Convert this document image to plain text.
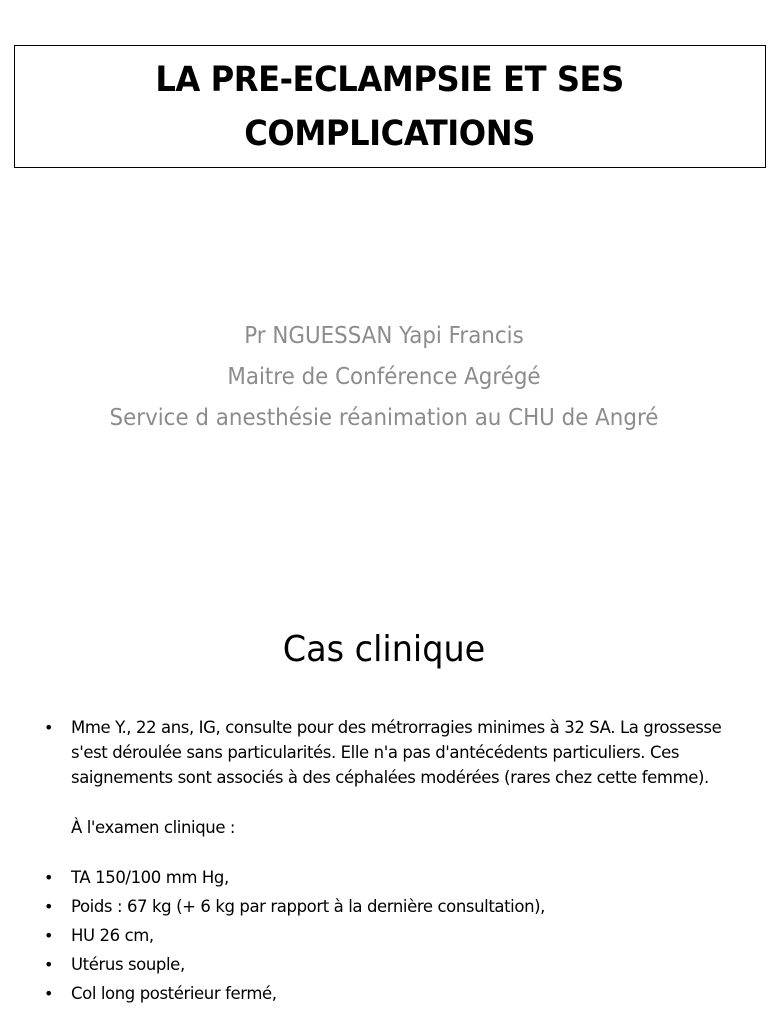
LA PRE-ECLAMPSIE ET SES
COMPLICATIONS
Pr NGUESSAN Yapi Francis
Maitre de Conférence Agrégé
Service d anesthésie réanimation au CHU de Angré
Cas clinique
• Mme Y., 22 ans, IG, consulte pour des métrorragies minimes à 32 SA. La grossesse s'est déroulée sans particularités. Elle n'a pas d'antécédents particuliers. Ces saignements sont associés à des céphalées modérées (rares chez cette femme).
À l'examen clinique :
• TA 150/100 mm Hg,
• Poids : 67 kg (+ 6 kg par rapport à la dernière consultation),
• HU 26 cm,
• Utérus souple,
• Col long postérieur fermé,
